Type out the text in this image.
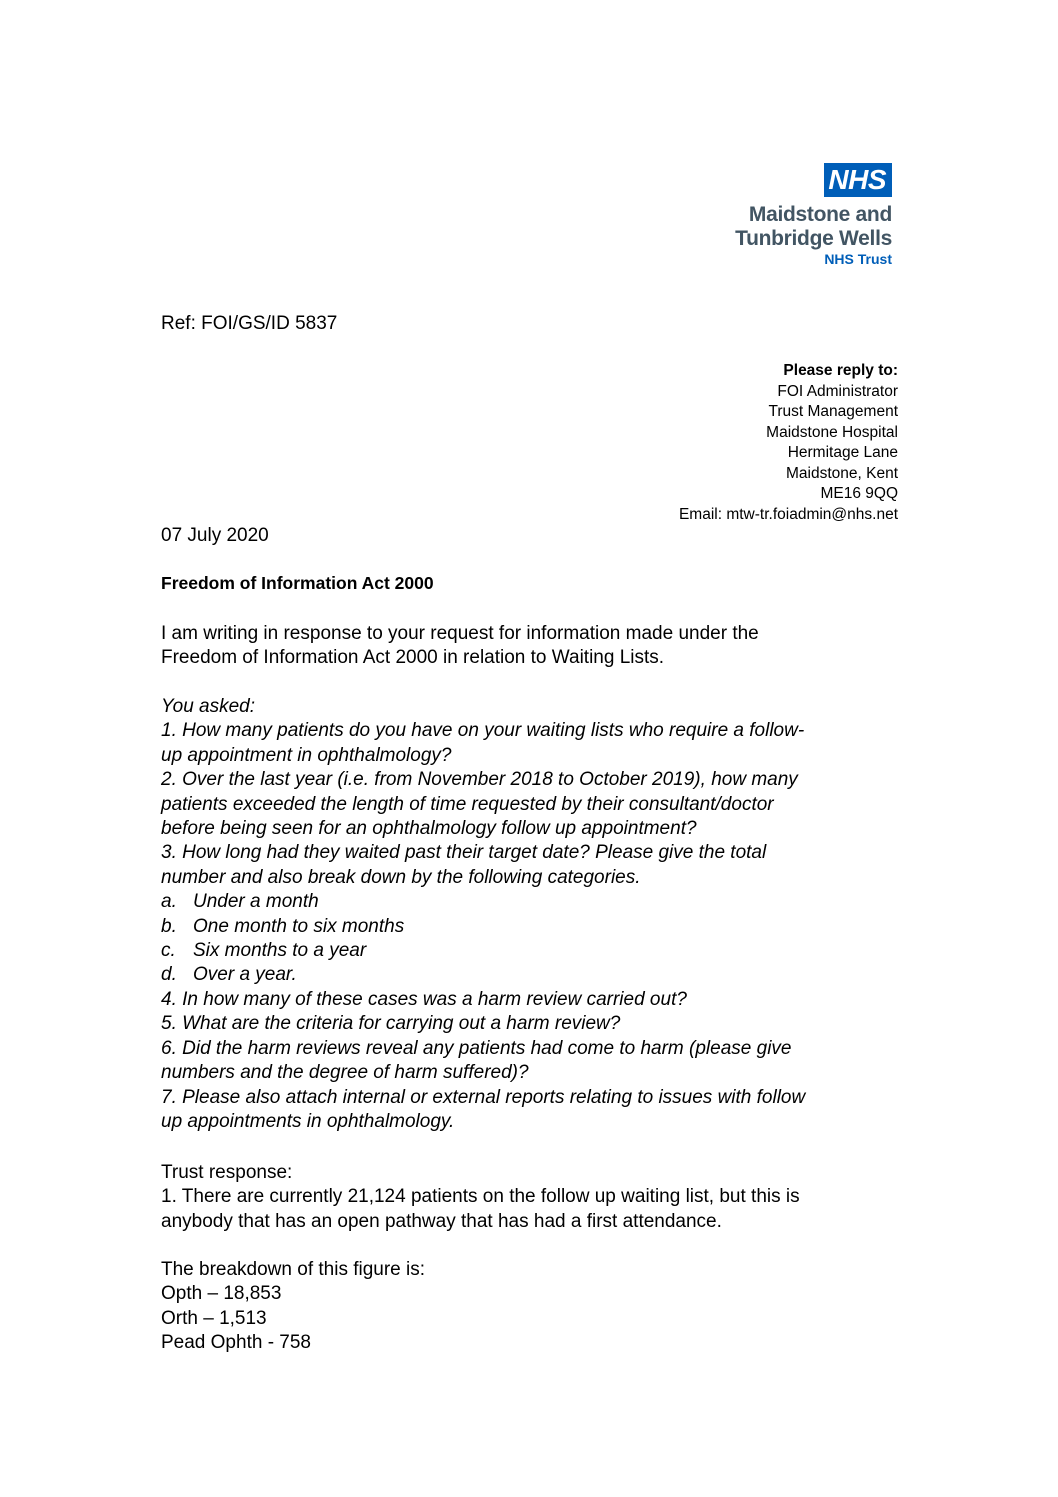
NHS
Maidstone and
Tunbridge Wells
NHS Trust
Ref: FOI/GS/ID 5837
Please reply to:
FOI Administrator
Trust Management
Maidstone Hospital
Hermitage Lane
Maidstone, Kent
ME16 9QQ
Email: mtw-tr.foiadmin@nhs.net
07 July 2020
Freedom of Information Act 2000

I am writing in response to your request for information made under the

Freedom of Information Act 2000 in relation to Waiting Lists.

You asked:

1. How many patients do you have on your waiting lists who require a follow-

up appointment in ophthalmology?

2. Over the last year (i.e. from November 2018 to October 2019), how many

patients exceeded the length of time requested by their consultant/doctor

before being seen for an ophthalmology follow up appointment?

3. How long had they waited past their target date? Please give the total

number and also break down by the following categories.

a. Under a month
b. One month to six months
c. Six months to a year
d. Over a year.

4. In how many of these cases was a harm review carried out?

5. What are the criteria for carrying out a harm review?

6. Did the harm reviews reveal any patients had come to harm (please give

numbers and the degree of harm suffered)?

7. Please also attach internal or external reports relating to issues with follow

up appointments in ophthalmology.

Trust response:

1. There are currently 21,124 patients on the follow up waiting list, but this is

anybody that has an open pathway that has had a first attendance.

The breakdown of this figure is:

Opth – 18,853

Orth – 1,513

Pead Ophth - 758
